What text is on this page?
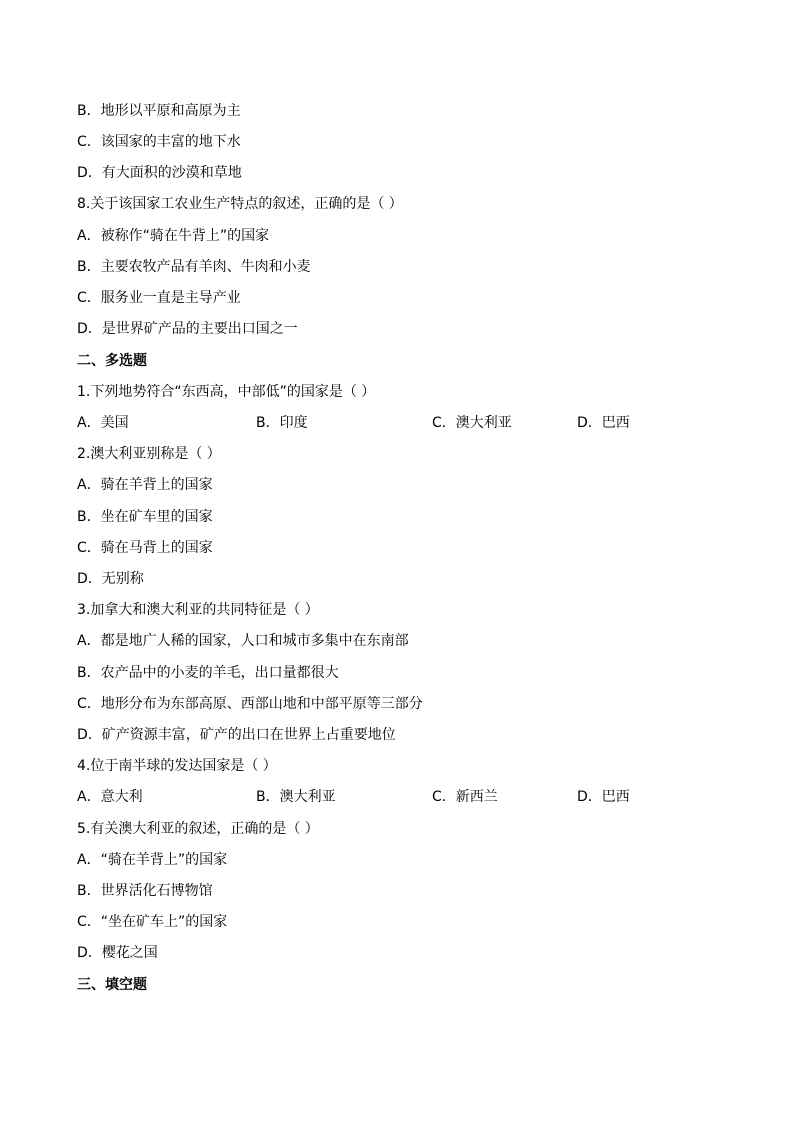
B．地形以平原和高原为主
C．该国家的丰富的地下水
D．有大面积的沙漠和草地
8.关于该国家工农业生产特点的叙述，正确的是（ ）
A．被称作“骑在牛背上”的国家
B．主要农牧产品有羊肉、牛肉和小麦
C．服务业一直是主导产业
D．是世界矿产品的主要出口国之一
二、多选题
1.下列地势符合“东西高，中部低”的国家是（ ）
A．美国	B．印度	C．澳大利亚	D．巴西
2.澳大利亚别称是（ ）
A．骑在羊背上的国家
B．坐在矿车里的国家
C．骑在马背上的国家
D．无别称
3.加拿大和澳大利亚的共同特征是（ ）
A．都是地广人稀的国家，人口和城市多集中在东南部
B．农产品中的小麦的羊毛，出口量都很大
C．地形分布为东部高原、西部山地和中部平原等三部分
D．矿产资源丰富，矿产的出口在世界上占重要地位
4.位于南半球的发达国家是（ ）
A．意大利	B．澳大利亚	C．新西兰	D．巴西
5.有关澳大利亚的叙述，正确的是（ ）
A．“骑在羊背上”的国家
B．世界活化石博物馆
C．“坐在矿车上”的国家
D．樱花之国
三、填空题
